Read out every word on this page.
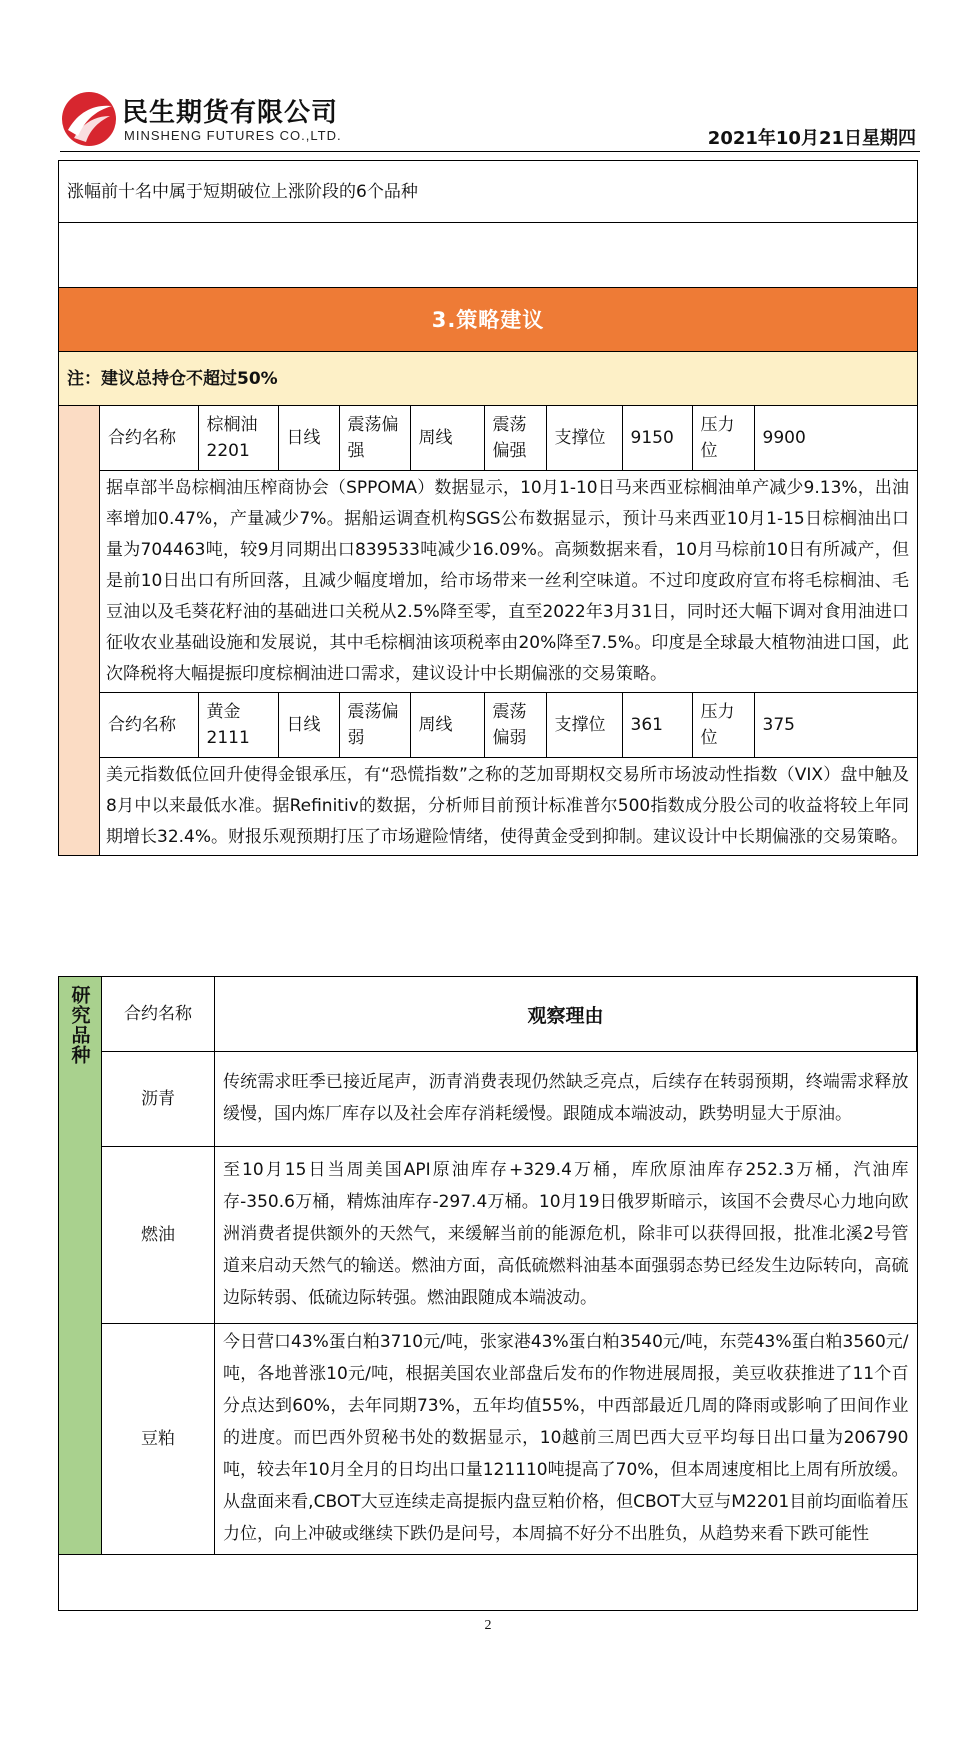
民生期货有限公司
MINSHENG FUTURES CO.,LTD.	2021年10月21日星期四
涨幅前十名中属于短期破位上涨阶段的6个品种
3.策略建议
注：建议总持仓不超过50%
合约名称	棕榈油2201	日线	震荡偏强	周线	震荡偏强	支撑位	9150	压力位	9900
据卓部半岛棕榈油压榨商协会（SPPOMA）数据显示，10月1-10日马来西亚棕榈油单产减少9.13%，出油率增加0.47%，产量减少7%。据船运调查机构SGS公布数据显示，预计马来西亚10月1-15日棕榈油出口量为704463吨，较9月同期出口839533吨减少16.09%。高频数据来看，10月马棕前10日有所减产，但是前10日出口有所回落，且减少幅度增加，给市场带来一丝利空味道。不过印度政府宣布将毛棕榈油、毛豆油以及毛葵花籽油的基础进口关税从2.5%降至零，直至2022年3月31日，同时还大幅下调对食用油进口征收农业基础设施和发展说，其中毛棕榈油该项税率由20%降至7.5%。印度是全球最大植物油进口国，此次降税将大幅提振印度棕榈油进口需求，建议设计中长期偏涨的交易策略。									
合约名称	黄金2111	日线	震荡偏弱	周线	震荡偏弱	支撑位	361	压力位	375
美元指数低位回升使得金银承压，有“恐慌指数”之称的芝加哥期权交易所市场波动性指数（VIX）盘中触及8月中以来最低水准。据Refinitiv的数据，分析师目前预计标准普尔500指数成分股公司的收益将较上年同期增长32.4%。财报乐观预期打压了市场避险情绪，使得黄金受到抑制。建议设计中长期偏涨的交易策略。									
研究品种	合约名称	观察理由
	沥青	传统需求旺季已接近尾声，沥青消费表现仍然缺乏亮点，后续存在转弱预期，终端需求释放缓慢，国内炼厂库存以及社会库存消耗缓慢。跟随成本端波动，跌势明显大于原油。
	燃油	至10月15日当周美国API原油库存+329.4万桶，库欣原油库存252.3万桶，汽油库存-350.6万桶，精炼油库存-297.4万桶。10月19日俄罗斯暗示，该国不会费尽心力地向欧洲消费者提供额外的天然气，来缓解当前的能源危机，除非可以获得回报，批准北溪2号管道来启动天然气的输送。燃油方面，高低硫燃料油基本面强弱态势已经发生边际转向，高硫边际转弱、低硫边际转强。燃油跟随成本端波动。
	豆粕	今日营口43%蛋白粕3710元/吨，张家港43%蛋白粕3540元/吨，东莞43%蛋白粕3560元/吨，各地普涨10元/吨，根据美国农业部盘后发布的作物进展周报，美豆收获推进了11个百分点达到60%，去年同期73%，五年均值55%，中西部最近几周的降雨或影响了田间作业的进度。而巴西外贸秘书处的数据显示，10越前三周巴西大豆平均每日出口量为206790吨，较去年10月全月的日均出口量121110吨提高了70%，但本周速度相比上周有所放缓。从盘面来看,CBOT大豆连续走高提振内盘豆粕价格，但CBOT大豆与M2201目前均面临着压力位，向上冲破或继续下跌仍是问号，本周搞不好分不出胜负，从趋势来看下跌可能性
2
